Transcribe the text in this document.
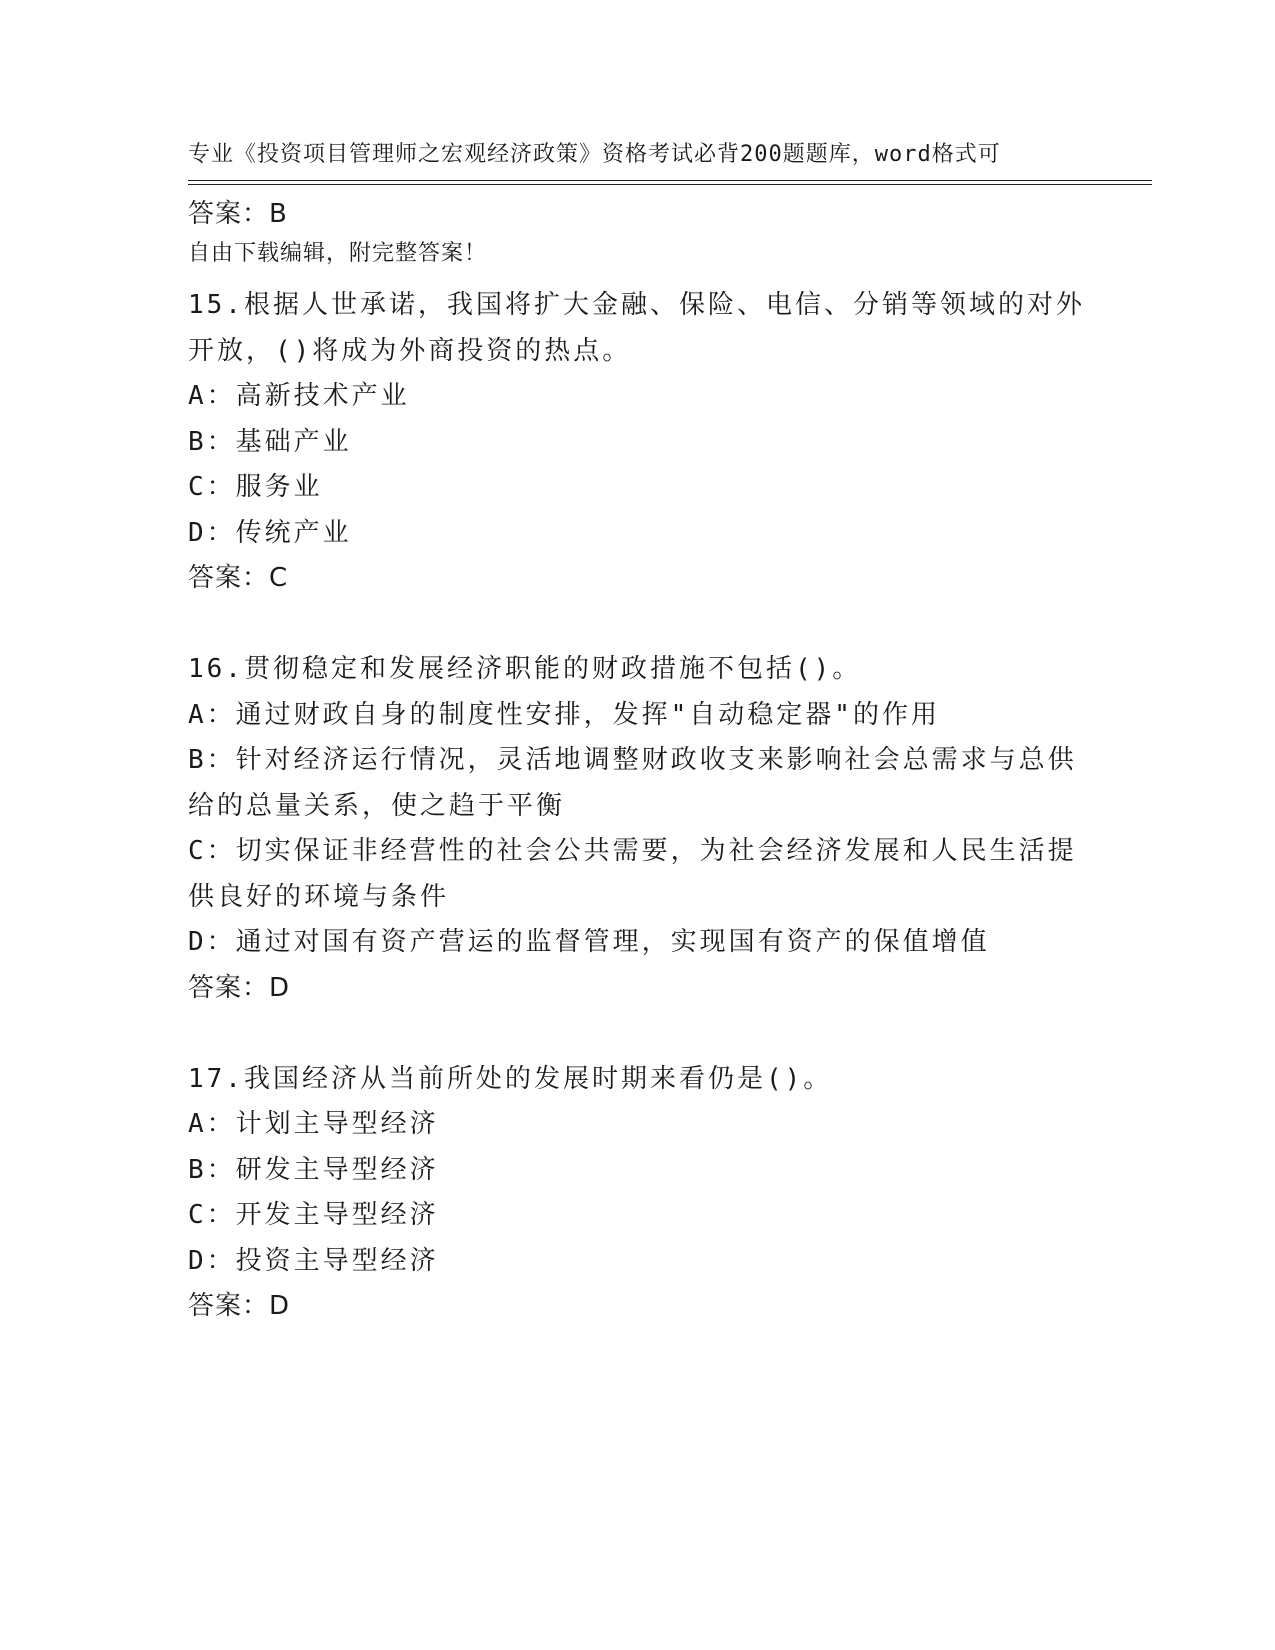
专业《投资项目管理师之宏观经济政策》资格考试必背200题题库，word格式可

自由下载编辑，附完整答案！

答案：B
15.根据人世承诺，我国将扩大金融、保险、电信、分销等领域的对外
开放，()将成为外商投资的热点。
A：高新技术产业
B：基础产业
C：服务业
D：传统产业
答案：C
16.贯彻稳定和发展经济职能的财政措施不包括()。
A：通过财政自身的制度性安排，发挥"自动稳定器"的作用
B：针对经济运行情况，灵活地调整财政收支来影响社会总需求与总供
给的总量关系，使之趋于平衡
C：切实保证非经营性的社会公共需要，为社会经济发展和人民生活提
供良好的环境与条件
D：通过对国有资产营运的监督管理，实现国有资产的保值增值
答案：D
17.我国经济从当前所处的发展时期来看仍是()。
A：计划主导型经济
B：研发主导型经济
C：开发主导型经济
D：投资主导型经济
答案：D
